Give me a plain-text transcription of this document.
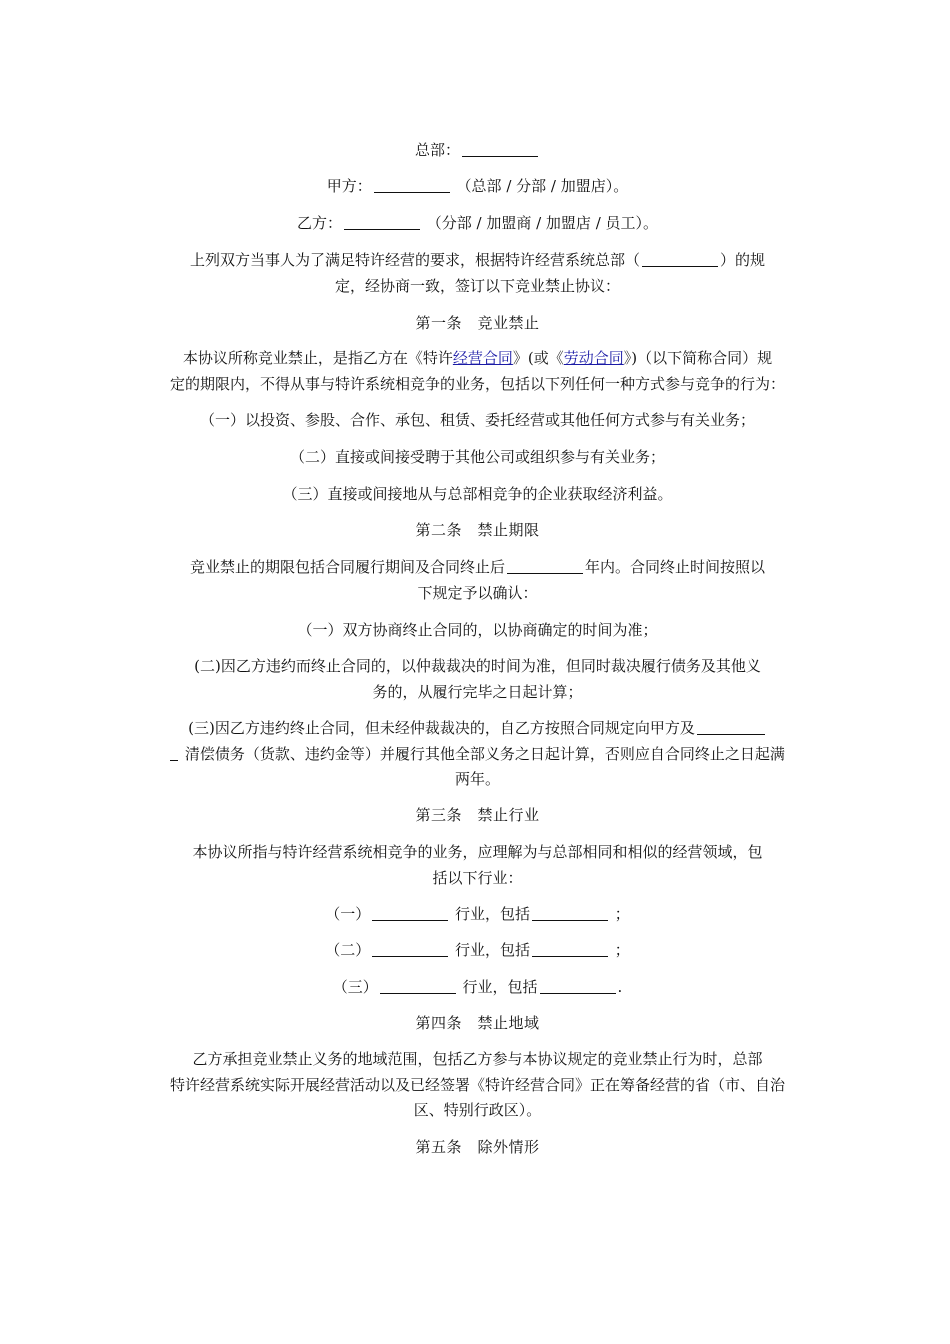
总部：
甲方：	（总部 / 分部 / 加盟店）。
乙方：	（分部 / 加盟商 / 加盟店 / 员工）。
上列双方当事人为了满足特许经营的要求，根据特许经营系统总部（	）的规
定，经协商一致，签订以下竞业禁止协议：
第一条　竞业禁止
本协议所称竞业禁止，是指乙方在《特许经营合同》(或《劳动合同》)（以下简称合同）规
定的期限内，不得从事与特许系统相竞争的业务，包括以下列任何一种方式参与竞争的行为：
（一）以投资、参股、合作、承包、租赁、委托经营或其他任何方式参与有关业务；
（二）直接或间接受聘于其他公司或组织参与有关业务；
（三）直接或间接地从与总部相竞争的企业获取经济利益。
第二条　禁止期限
竞业禁止的期限包括合同履行期间及合同终止后	年内。合同终止时间按照以
下规定予以确认：
（一）双方协商终止合同的，以协商确定的时间为准；
(二)因乙方违约而终止合同的，以仲裁裁决的时间为准，但同时裁决履行债务及其他义
务的，从履行完毕之日起计算；
(三)因乙方违约终止合同，但未经仲裁裁决的，自乙方按照合同规定向甲方及
清偿债务（货款、违约金等）并履行其他全部义务之日起计算，否则应自合同终止之日起满
两年。
第三条　禁止行业
本协议所指与特许经营系统相竞争的业务，应理解为与总部相同和相似的经营领域，包
括以下行业：
（一）	行业，包括	；
（二）	行业，包括	；
（三）	行业，包括	.
第四条　禁止地域
乙方承担竞业禁止义务的地域范围，包括乙方参与本协议规定的竞业禁止行为时，总部
特许经营系统实际开展经营活动以及已经签署《特许经营合同》正在筹备经营的省（市、自治
区、特别行政区）。
第五条　除外情形
